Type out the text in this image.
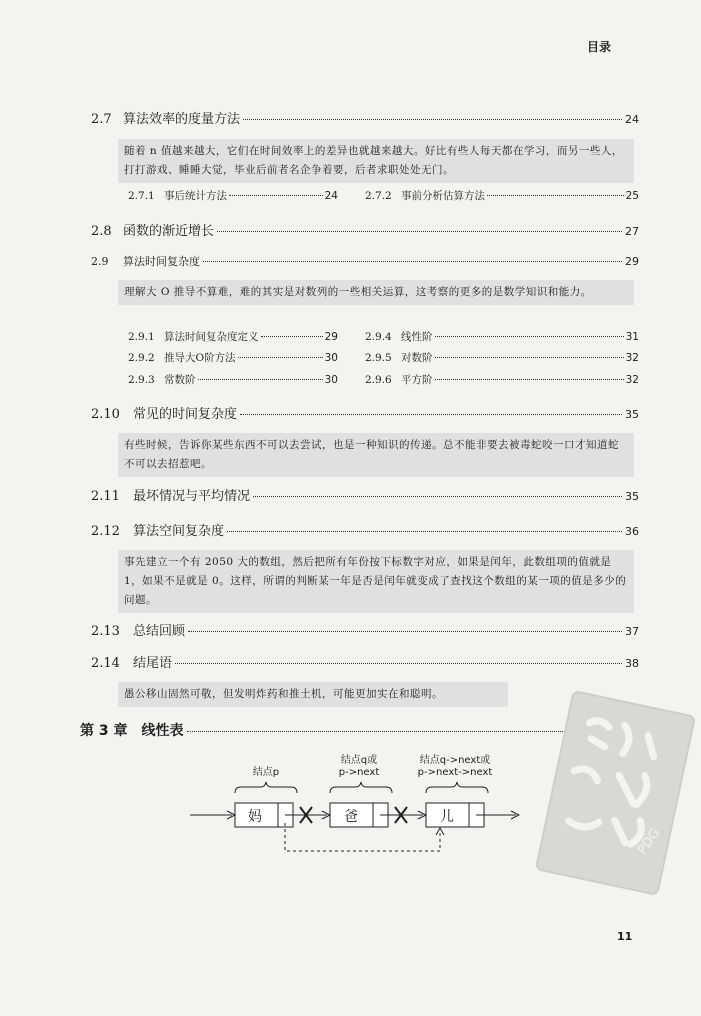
目录
2.7 算法效率的度量方法	24
随着 n 值越来越大，它们在时间效率上的差异也就越来越大。好比有些人每天都在学习，而另一些人，打打游戏、睡睡大觉，毕业后前者名企争着要，后者求职处处无门。
2.7.1 事后统计方法	24	2.7.2 事前分析估算方法	25
2.8 函数的渐近增长	27
2.9	算法时间复杂度	29
理解大 O 推导不算难，难的其实是对数列的一些相关运算，这考察的更多的是数学知识和能力。
2.9.1 算法时间复杂度定义	29	2.9.4 线性阶	31
2.9.2 推导大O阶方法	30	2.9.5 对数阶	32
2.9.3 常数阶	30	2.9.6 平方阶	32
2.10	常见的时间复杂度	35
有些时候，告诉你某些东西不可以去尝试，也是一种知识的传递。总不能非要去被毒蛇咬一口才知道蛇不可以去招惹吧。
2.11	最坏情况与平均情况	35
2.12	算法空间复杂度	36
事先建立一个有 2050 大的数组，然后把所有年份按下标数字对应，如果是闰年，此数组项的值就是 1，如果不是就是 0。这样，所谓的判断某一年是否是闰年就变成了查找这个数组的某一项的值是多少的问题。
2.13	总结回顾	37
2.14	结尾语	38
愚公移山固然可敬，但发明炸药和推土机，可能更加实在和聪明。
第 3 章 线性表
PDG
结点p
结点q或
p->next
结点q->next或
p->next->next
妈	爸	儿
11
